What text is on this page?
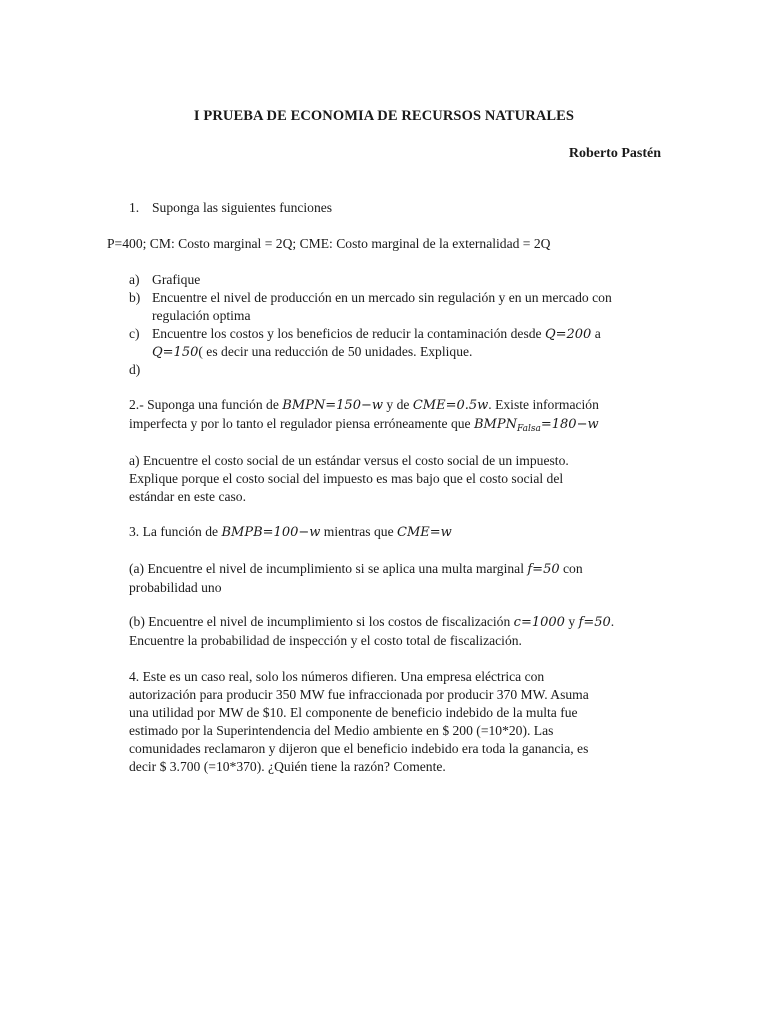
I PRUEBA DE ECONOMIA DE RECURSOS NATURALES

Roberto Pastén

1. Suponga las siguientes funciones

P=400; CM: Costo marginal = 2Q; CME: Costo marginal de la externalidad = 2Q

a) Grafique
b) Encuentre el nivel de producción en un mercado sin regulación y en un mercado con
regulación optima
c) Encuentre los costos y los beneficios de reducir la contaminación desde Q=200 a
Q=150( es decir una reducción de 50 unidades. Explique.
d)

2.- Suponga una función de BMPN=150−w y de CME=0.5w. Existe información
imperfecta y por lo tanto el regulador piensa erróneamente que $BMPN_{Falsa}=180-w$

a) Encuentre el costo social de un estándar versus el costo social de un impuesto.
Explique porque el costo social del impuesto es mas bajo que el costo social del
estándar en este caso.

3. La función de BMPB=100−w mientras que CME=w

(a) Encuentre el nivel de incumplimiento si se aplica una multa marginal f=50 con
probabilidad uno

(b) Encuentre el nivel de incumplimiento si los costos de fiscalización c=1000 y f=50.
Encuentre la probabilidad de inspección y el costo total de fiscalización.

4. Este es un caso real, solo los números difieren. Una empresa eléctrica con
autorización para producir 350 MW fue infraccionada por producir 370 MW. Asuma
una utilidad por MW de $10. El componente de beneficio indebido de la multa fue
estimado por la Superintendencia del Medio ambiente en $ 200 (=10*20). Las
comunidades reclamaron y dijeron que el beneficio indebido era toda la ganancia, es
decir $ 3.700 (=10*370). ¿Quién tiene la razón? Comente.
